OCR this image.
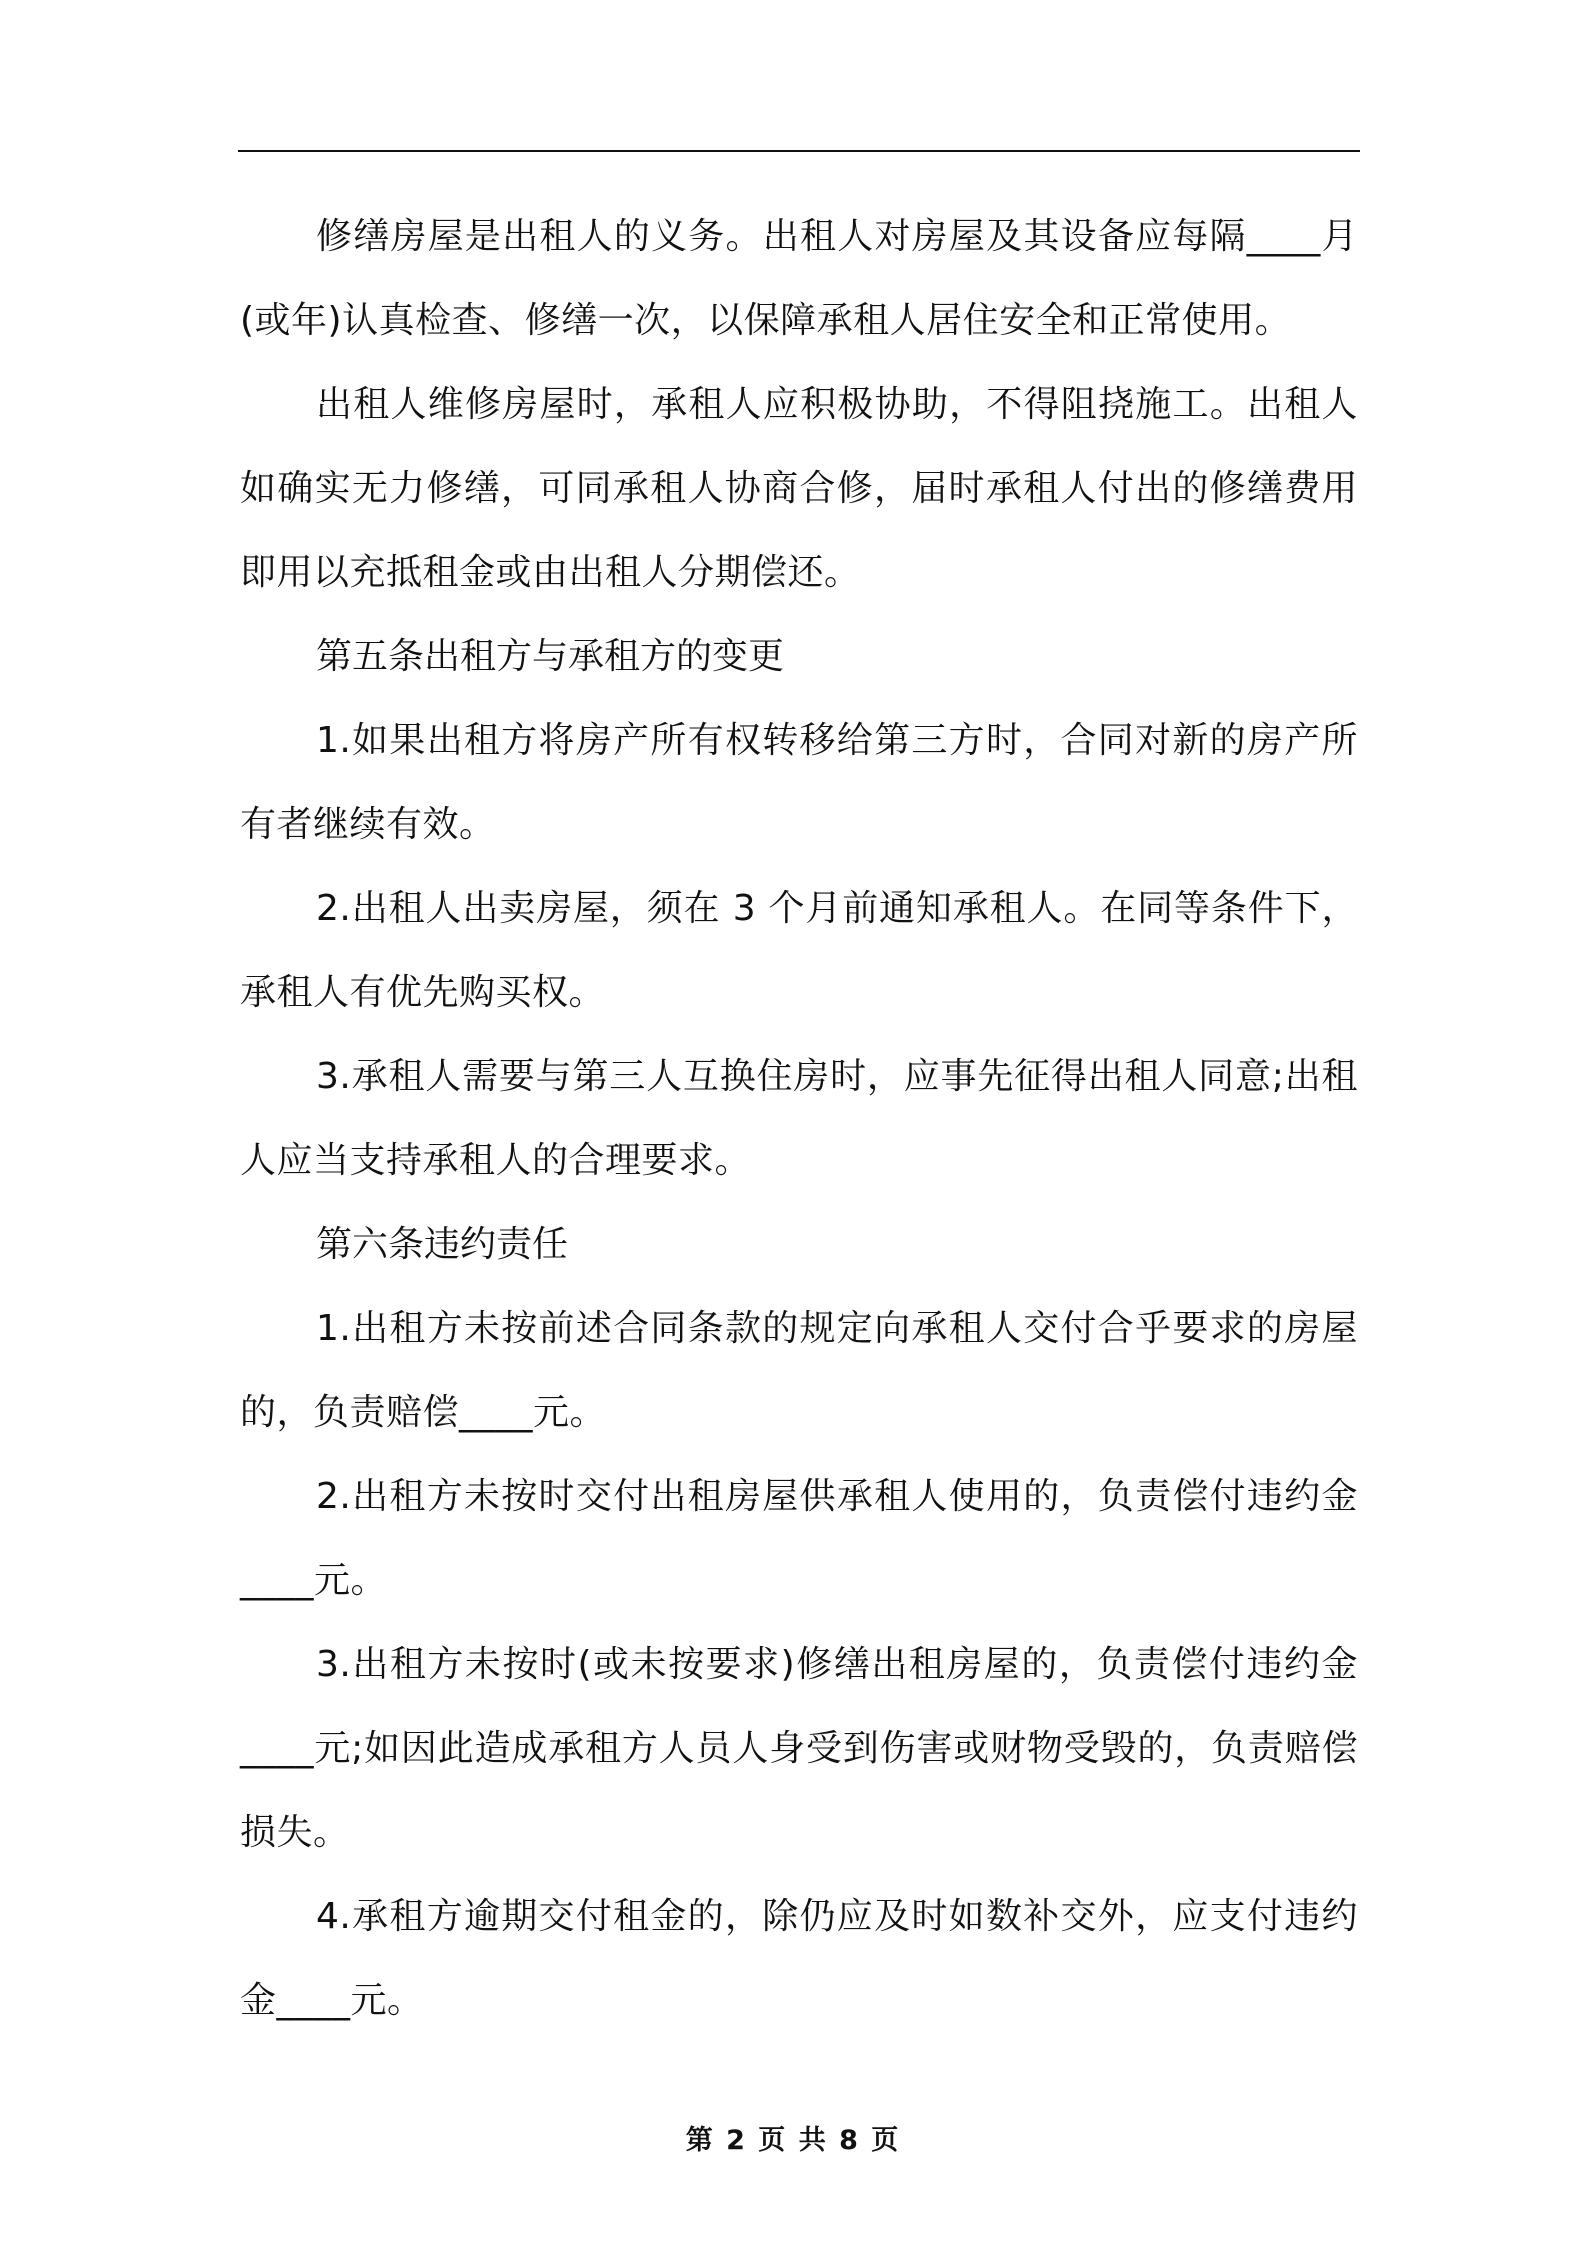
修缮房屋是出租人的义务。出租人对房屋及其设备应每隔____月(或年)认真检查、修缮一次，以保障承租人居住安全和正常使用。

出租人维修房屋时，承租人应积极协助，不得阻挠施工。出租人如确实无力修缮，可同承租人协商合修，届时承租人付出的修缮费用即用以充抵租金或由出租人分期偿还。

第五条出租方与承租方的变更

1.如果出租方将房产所有权转移给第三方时，合同对新的房产所有者继续有效。

2.出租人出卖房屋，须在 3 个月前通知承租人。在同等条件下，承租人有优先购买权。

3.承租人需要与第三人互换住房时，应事先征得出租人同意;出租人应当支持承租人的合理要求。

第六条违约责任

1.出租方未按前述合同条款的规定向承租人交付合乎要求的房屋的，负责赔偿____元。

2.出租方未按时交付出租房屋供承租人使用的，负责偿付违约金____元。

3.出租方未按时(或未按要求)修缮出租房屋的，负责偿付违约金____元;如因此造成承租方人员人身受到伤害或财物受毁的，负责赔偿损失。

4.承租方逾期交付租金的，除仍应及时如数补交外，应支付违约金____元。

第 2 页 共 8 页
